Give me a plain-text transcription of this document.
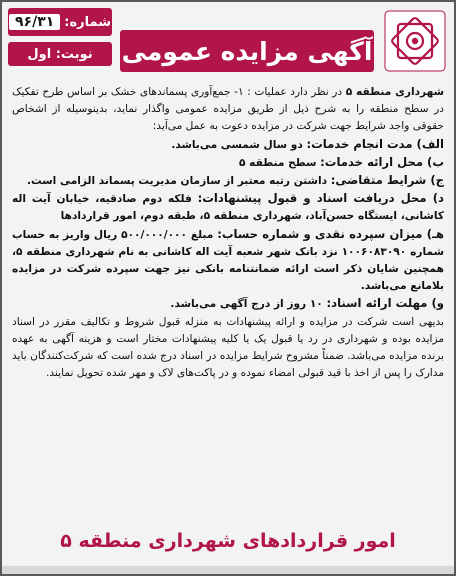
آگهی مزایده عمومی
شماره:
۹۶/۳۱
نوبت: اول

شهرداری منطقه ۵ در نظر دارد عملیات : ۱- جمع‌آوری پسماندهای خشک بر اساس طرح تفکیک در سطح منطقه را به شرح ذیل از طریق مزایده عمومی واگذار نماید، بدینوسیله از اشخاص حقوقی واجد شرایط جهت شرکت در مزایده دعوت به عمل می‌آید:

الف) مدت انجام خدمات: دو سال شمسی می‌باشد.

ب) محل ارائه خدمات: سطح منطقه ۵

ج) شرایط متقاضی: داشتن رتبه معتبر از سازمان مدیریت پسماند الزامی است.

د) محل دریافت اسناد و قبول پیشنهادات: فلکه دوم صادقیه، خیابان آیت اله کاشانی، ایستگاه حسن‌آباد، شهرداری منطقه ۵، طبقه دوم، امور قراردادها

هـ) میزان سپرده نقدی و شماره حساب: مبلغ ۵۰۰/۰۰۰/۰۰۰ ریال واریز به حساب شماره ۱۰۰۶۰۸۳۰۹۰ نزد بانک شهر شعبه آیت اله کاشانی به نام شهرداری منطقه ۵، همچنین شایان ذکر است ارائه ضمانتنامه بانکی نیز جهت سپرده شرکت در مزایده بلامانع می‌باشد.

و) مهلت ارائه اسناد: ۱۰ روز از درج آگهی می‌باشد.

بدیهی است شرکت در مزایده و ارائه پیشنهادات به منزله قبول شروط و تکالیف مقرر در اسناد مزایده بوده و شهرداری در رد یا قبول یک یا کلیه پیشنهادات مختار است و هزینه آگهی به عهده برنده مزایده می‌باشد. ضمناً مشروح شرایط مزایده در اسناد درج شده است که شرکت‌کنندگان باید مدارک را پس از اخذ با قید قبولی امضاء نموده و در پاکت‌های لاک و مهر شده تحویل نمایند.

امور قراردادهای شهرداری منطقه ۵
